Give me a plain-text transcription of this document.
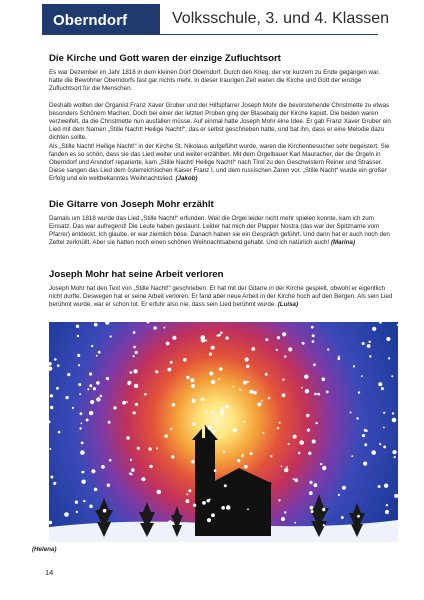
Oberndorf	Volksschule, 3. und 4. Klassen
Die Kirche und Gott waren der einzige Zufluchtsort

Es war Dezember im Jahr 1818 in dem kleinen Dorf Oberndorf. Durch den Krieg, der vor kurzem zu Ende gegangen war, hatte die Bewohner Oberndorfs fast gar nichts mehr. In dieser traurigen Zeit waren die Kirche und Gott der einzige Zufluchtsort für die Menschen.

Deshalb wollten der Organist Franz Xaver Gruber und der Hilfspfarrer Joseph Mohr die bevorstehende Christmette zu etwas besonders Schönem Machen. Doch bei einer der letzten Proben ging der Blasebalg der Kirche kaputt. Die beiden waren verzweifelt, da die Christmette nun ausfallen müsse. Auf einmal hatte Joseph Mohr eine Idee. Er gab Franz Xaver Gruber ein Lied mit dem Namen „Stille Nacht! Heilige Nacht!“, das er selbst geschrieben hatte, und bat ihn, dass er eine Melodie dazu dichten sollte.

Als „Stille Nacht! Heilige Nacht!“ in der Kirche St. Nikolaus aufgeführt wurde, waren die Kirchenbesucher sehr begeistert. Sie fanden es so schön, dass sie das Lied weiter und weiter erzählten. Mit dem Orgelbauer Karl Mauracher, der die Orgeln in Oberndorf und Arsndorf reparierte, kam „Stille Nacht! Heilige Nacht!“ nach Tirol zu den Geschwistern Reiner und Strasser. Diese sangen das Lied dem österreichischen Kaiser Franz I. und dem russischen Zaren vor. „Stille Nacht“ wurde ein großer Erfolg und ein weltbekanntes Weihnachtslied. (Jakob)

Die Gitarre von Joseph Mohr erzählt

Damals um 1818 wurde das Lied „Stille Nacht!“ erfunden. Weil die Orgel leider nicht mehr spielen konnte, kam ich zum Einsatz. Das war aufregend! Die Leute haben gestaunt. Leider hat mich der Plapper Nostra (das war der Spitzname vom Pfarrer) entdeckt. Ich glaube, er war ziemlich böse. Danach haben sie ein Gespräch geführt. Und dann hat er auch noch den Zettel zerknüllt. Aber sie hatten noch einen schönen Weihnachtsabend gehabt. Und ich natürlich auch! (Marina)

Joseph Mohr hat seine Arbeit verloren

Joseph Mohr hat den Text von „Stille Nacht!“ geschrieben. Er hat mit der Gitarre in der Kirche gespielt, obwohl er eigentlich nicht durfte. Deswegen hat er seine Arbeit verloren. Er fand aber neue Arbeit in der Kirche hoch auf den Bergen. Als sein Lied berühmt wurde, war er schon tot. Er erfuhr also nie, dass sein Lied berühmt wurde. (Luisa)

(Helena)
14
